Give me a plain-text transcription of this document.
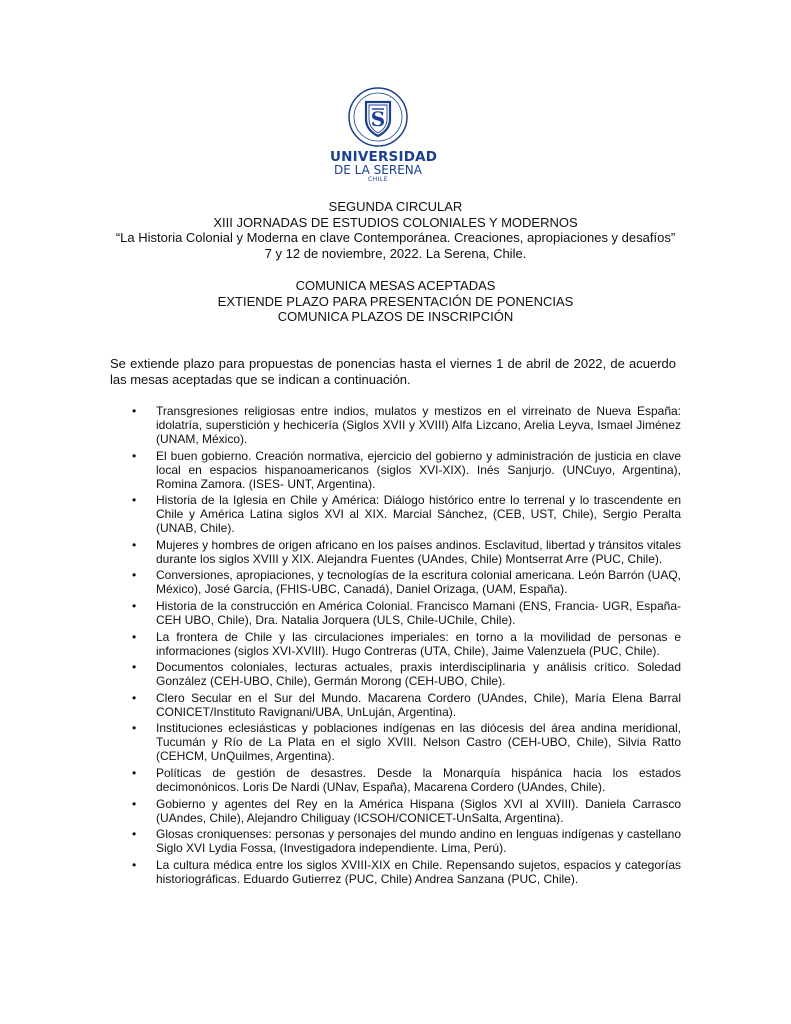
S
UNIVERSIDAD
DE LA SERENA
CHILE
SEGUNDA CIRCULAR
XIII JORNADAS DE ESTUDIOS COLONIALES Y MODERNOS
“La Historia Colonial y Moderna en clave Contemporánea. Creaciones, apropiaciones y desafíos”
7 y 12 de noviembre, 2022. La Serena, Chile.
COMUNICA MESAS ACEPTADAS
EXTIENDE PLAZO PARA PRESENTACIÓN DE PONENCIAS
COMUNICA PLAZOS DE INSCRIPCIÓN

Se extiende plazo para propuestas de ponencias hasta el viernes 1 de abril de 2022, de acuerdo las mesas aceptadas que se indican a continuación.

• Transgresiones religiosas entre indios, mulatos y mestizos en el virreinato de Nueva España: idolatría, superstición y hechicería (Siglos XVII y XVIII) Alfa Lizcano, Arelia Leyva, Ismael Jiménez (UNAM, México).
• El buen gobierno. Creación normativa, ejercicio del gobierno y administración de justicia en clave local en espacios hispanoamericanos (siglos XVI-XIX). Inés Sanjurjo. (UNCuyo, Argentina), Romina Zamora. (ISES- UNT, Argentina).
• Historia de la Iglesia en Chile y América: Diálogo histórico entre lo terrenal y lo trascendente en Chile y América Latina siglos XVI al XIX. Marcial Sánchez, (CEB, UST, Chile), Sergio Peralta (UNAB, Chile).
• Mujeres y hombres de origen africano en los países andinos. Esclavitud, libertad y tránsitos vitales durante los siglos XVIII y XIX. Alejandra Fuentes (UAndes, Chile) Montserrat Arre (PUC, Chile).
• Conversiones, apropiaciones, y tecnologías de la escritura colonial americana. León Barrón (UAQ, México), José García, (FHIS-UBC, Canadá), Daniel Orizaga, (UAM, España).
• Historia de la construcción en América Colonial. Francisco Mamani (ENS, Francia- UGR, España- CEH UBO, Chile), Dra. Natalia Jorquera (ULS, Chile-UChile, Chile).
• La frontera de Chile y las circulaciones imperiales: en torno a la movilidad de personas e informaciones (siglos XVI-XVIII). Hugo Contreras (UTA, Chile), Jaime Valenzuela (PUC, Chile).
• Documentos coloniales, lecturas actuales, praxis interdisciplinaria y análisis crítico. Soledad González (CEH-UBO, Chile), Germán Morong (CEH-UBO, Chile).
• Clero Secular en el Sur del Mundo. Macarena Cordero (UAndes, Chile), María Elena Barral CONICET/Instituto Ravignani/UBA, UnLuján, Argentina).
• Instituciones eclesiásticas y poblaciones indígenas en las diócesis del área andina meridional, Tucumán y Río de La Plata en el siglo XVIII. Nelson Castro (CEH-UBO, Chile), Silvia Ratto (CEHCM, UnQuilmes, Argentina).
• Políticas de gestión de desastres. Desde la Monarquía hispánica hacia los estados decimonónicos. Loris De Nardi (UNav, España), Macarena Cordero (UAndes, Chile).
• Gobierno y agentes del Rey en la América Hispana (Siglos XVI al XVIII). Daniela Carrasco (UAndes, Chile), Alejandro Chiliguay (ICSOH/CONICET-UnSalta, Argentina).
• Glosas croniquenses: personas y personajes del mundo andino en lenguas indígenas y castellano Siglo XVI Lydia Fossa, (Investigadora independiente. Lima, Perú).
• La cultura médica entre los siglos XVIII-XIX en Chile. Repensando sujetos, espacios y categorías historiográficas. Eduardo Gutierrez (PUC, Chile) Andrea Sanzana (PUC, Chile).
